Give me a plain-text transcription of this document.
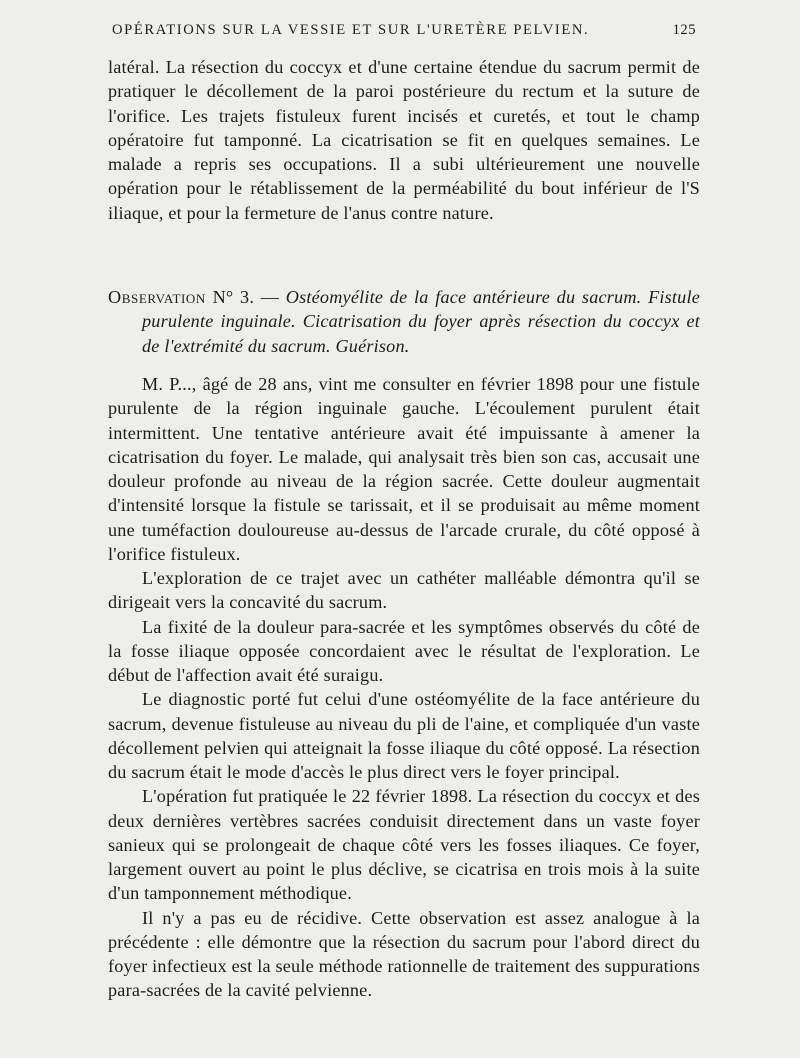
OPÉRATIONS SUR LA VESSIE ET SUR L'URETÈRE PELVIEN.	125

latéral. La résection du coccyx et d'une certaine étendue du sacrum permit de pratiquer le décollement de la paroi postérieure du rectum et la suture de l'orifice. Les trajets fistuleux furent incisés et curetés, et tout le champ opératoire fut tamponné. La cicatrisation se fit en quelques semaines. Le malade a repris ses occupations. Il a subi ultérieurement une nouvelle opération pour le rétablissement de la perméabilité du bout inférieur de l'S iliaque, et pour la fermeture de l'anus contre nature.

Observation N° 3. — Ostéomyélite de la face antérieure du sacrum. Fistule purulente inguinale. Cicatrisation du foyer après résection du coccyx et de l'extrémité du sacrum. Guérison.

M. P..., âgé de 28 ans, vint me consulter en février 1898 pour une fistule purulente de la région inguinale gauche. L'écoulement purulent était intermittent. Une tentative antérieure avait été impuissante à amener la cicatrisation du foyer. Le malade, qui analysait très bien son cas, accusait une douleur profonde au niveau de la région sacrée. Cette douleur augmentait d'intensité lorsque la fistule se tarissait, et il se produisait au même moment une tuméfaction douloureuse au-dessus de l'arcade crurale, du côté opposé à l'orifice fistuleux.

L'exploration de ce trajet avec un cathéter malléable démontra qu'il se dirigeait vers la concavité du sacrum.

La fixité de la douleur para-sacrée et les symptômes observés du côté de la fosse iliaque opposée concordaient avec le résultat de l'exploration. Le début de l'affection avait été suraigu.

Le diagnostic porté fut celui d'une ostéomyélite de la face antérieure du sacrum, devenue fistuleuse au niveau du pli de l'aine, et compliquée d'un vaste décollement pelvien qui atteignait la fosse iliaque du côté opposé. La résection du sacrum était le mode d'accès le plus direct vers le foyer principal.

L'opération fut pratiquée le 22 février 1898. La résection du coccyx et des deux dernières vertèbres sacrées conduisit directement dans un vaste foyer sanieux qui se prolongeait de chaque côté vers les fosses iliaques. Ce foyer, largement ouvert au point le plus déclive, se cicatrisa en trois mois à la suite d'un tamponnement méthodique.

Il n'y a pas eu de récidive. Cette observation est assez analogue à la précédente : elle démontre que la résection du sacrum pour l'abord direct du foyer infectieux est la seule méthode rationnelle de traitement des suppurations para-sacrées de la cavité pelvienne.
